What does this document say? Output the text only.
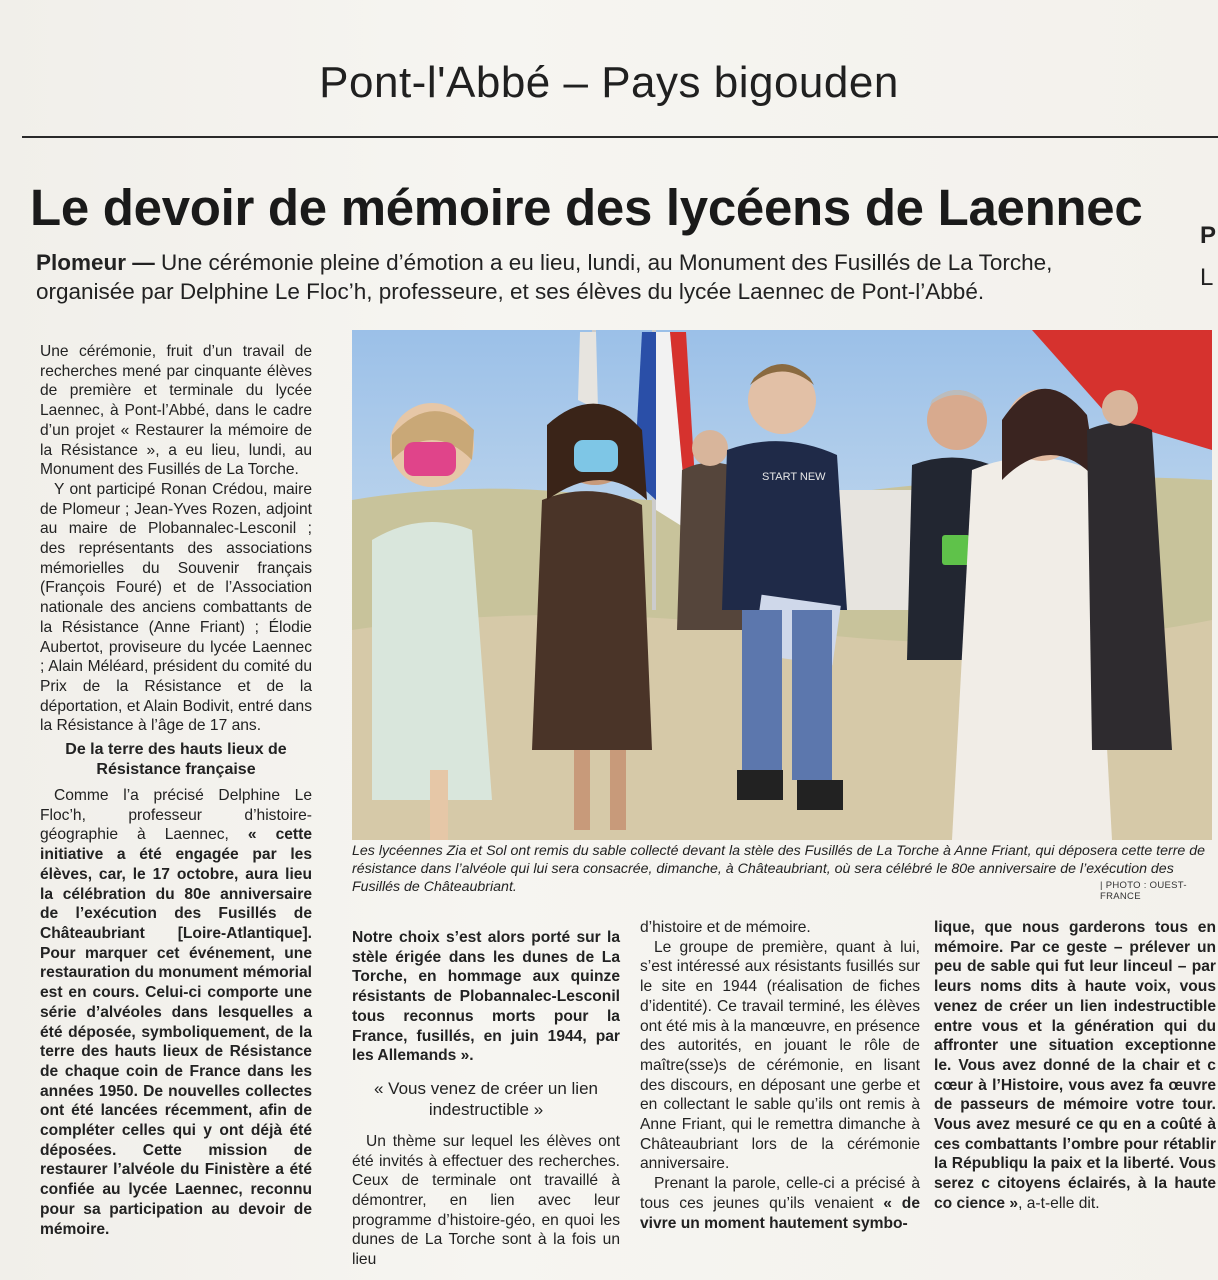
Pont-l'Abbé – Pays bigouden
Le devoir de mémoire des lycéens de Laennec	P
L
Plomeur — Une cérémonie pleine d’émotion a eu lieu, lundi, au Monument des Fusillés de La Torche, organisée par Delphine Le Floc’h, professeure, et ses élèves du lycée Laennec de Pont-l’Abbé.

Une cérémonie, fruit d’un travail de recherches mené par cinquante élèves de première et terminale du lycée Laennec, à Pont-l’Abbé, dans le cadre d’un projet « Restaurer la mémoire de la Résistance », a eu lieu, lundi, au Monument des Fusillés de La Torche.

Y ont participé Ronan Crédou, maire de Plomeur ; Jean-Yves Rozen, adjoint au maire de Plobannalec-Lesconil ; des représentants des associations mémorielles du Souvenir français (François Fouré) et de l’Association nationale des anciens combattants de la Résistance (Anne Friant) ; Élodie Aubertot, proviseure du lycée Laennec ; Alain Méléard, président du comité du Prix de la Résistance et de la déportation, et Alain Bodivit, entré dans la Résistance à l’âge de 17 ans.

De la terre des hauts lieux de Résistance française

Comme l’a précisé Delphine Le Floc’h, professeur d’histoire-géographie à Laennec, « cette initiative a été engagée par les élèves, car, le 17 octobre, aura lieu la célébration du 80e anniversaire de l’exécution des Fusillés de Châteaubriant [Loire-Atlantique]. Pour marquer cet événement, une restauration du monument mémorial est en cours. Celui-ci comporte une série d’alvéoles dans lesquelles a été déposée, symboliquement, de la terre des hauts lieux de Résistance de chaque coin de France dans les années 1950. De nouvelles collectes ont été lancées récemment, afin de compléter celles qui y ont déjà été déposées. Cette mission de restaurer l’alvéole du Finistère a été confiée au lycée Laennec, reconnu pour sa participation au devoir de mémoire.

Notre choix s’est alors porté sur la stèle érigée dans les dunes de La Torche, en hommage aux quinze résistants de Plobannalec-Lesconil tous reconnus morts pour la France, fusillés, en juin 1944, par les Allemands ».

« Vous venez de créer un lien indestructible »

Un thème sur lequel les élèves ont été invités à effectuer des recherches. Ceux de terminale ont travaillé à démontrer, en lien avec leur programme d’histoire-géo, en quoi les dunes de La Torche sont à la fois un lieu

d’histoire et de mémoire.

Le groupe de première, quant à lui, s’est intéressé aux résistants fusillés sur le site en 1944 (réalisation de fiches d’identité). Ce travail terminé, les élèves ont été mis à la manœuvre, en présence des autorités, en jouant le rôle de maître(sse)s de cérémonie, en lisant des discours, en déposant une gerbe et en collectant le sable qu’ils ont remis à Anne Friant, qui le remettra dimanche à Châteaubriant lors de la cérémonie anniversaire.

Prenant la parole, celle-ci a précisé à tous ces jeunes qu’ils venaient « de vivre un moment hautement symbo-

lique, que nous garderons tous en mémoire. Par ce geste – prélever un peu de sable qui fut leur linceul – par leurs noms dits à haute voix, vous venez de créer un lien indestructible entre vous et la génération qui du affronter une situation exceptionne le. Vous avez donné de la chair et c cœur à l’Histoire, vous avez fa œuvre de passeurs de mémoire votre tour. Vous avez mesuré ce qu en a coûté à ces combattants l’ombre pour rétablir la Républiqu la paix et la liberté. Vous serez c citoyens éclairés, à la haute co cience », a-t-elle dit.

START NEW
Les lycéennes Zia et Sol ont remis du sable collecté devant la stèle des Fusillés de La Torche à Anne Friant, qui déposera cette terre de résistance dans l’alvéole qui lui sera consacrée, dimanche, à Châteaubriant, où sera célébré le 80e anniversaire de l’exécution des Fusillés de Châteaubriant.	| PHOTO : OUEST-FRANCE
